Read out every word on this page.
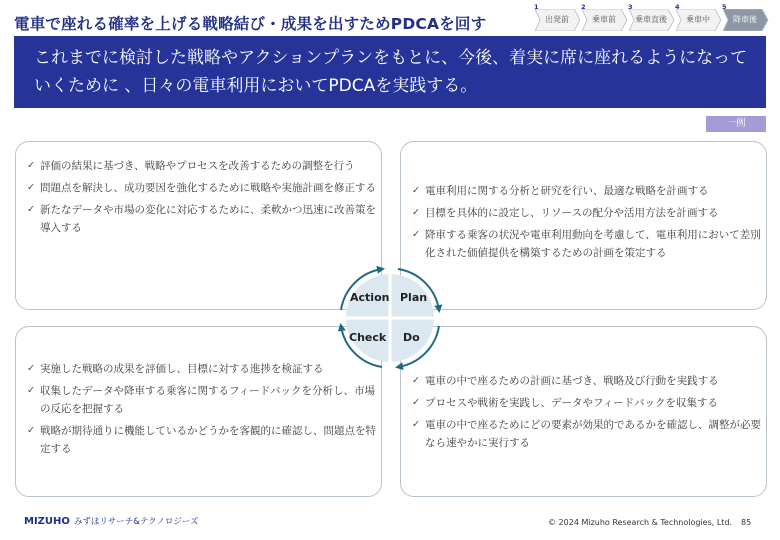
電車で座れる確率を上げる戦略結び・成果を出すためPDCAを回す
1
出発前
2
乗車前
3
乗車直後
4
乗車中
5
降車後
これまでに検討した戦略やアクションプランをもとに、今後、着実に席に座れるようになっていくために 、日々の電車利用においてPDCAを実践する。
一例
✓ 評価の結果に基づき、戦略やプロセスを改善するための調整を行う
✓ 問題点を解決し、成功要因を強化するために戦略や実施計画を修正する
✓ 新たなデータや市場の変化に対応するために、柔軟かつ迅速に改善策を導入する
✓ 電車利用に関する分析と研究を行い、最適な戦略を計画する
✓ 目標を具体的に設定し、リソースの配分や活用方法を計画する
✓ 降車する乗客の状況や電車利用動向を考慮して、電車利用において差別化された価値提供を構築するための計画を策定する
✓ 実施した戦略の成果を評価し、目標に対する進捗を検証する
✓ 収集したデータや降車する乗客に関するフィードバックを分析し、市場の反応を把握する
✓ 戦略が期待通りに機能しているかどうかを客観的に確認し、問題点を特定する
✓ 電車の中で座るための計画に基づき、戦略及び行動を実践する
✓ プロセスや戦術を実践し、データやフィードバックを収集する
✓ 電車の中で座るためにどの要素が効果的であるかを確認し、調整が必要なら速やかに実行する
Action Plan
Check Do
MIZUHO みずほリサーチ&テクノロジーズ	© 2024 Mizuho Research & Technologies, Ltd. 85
